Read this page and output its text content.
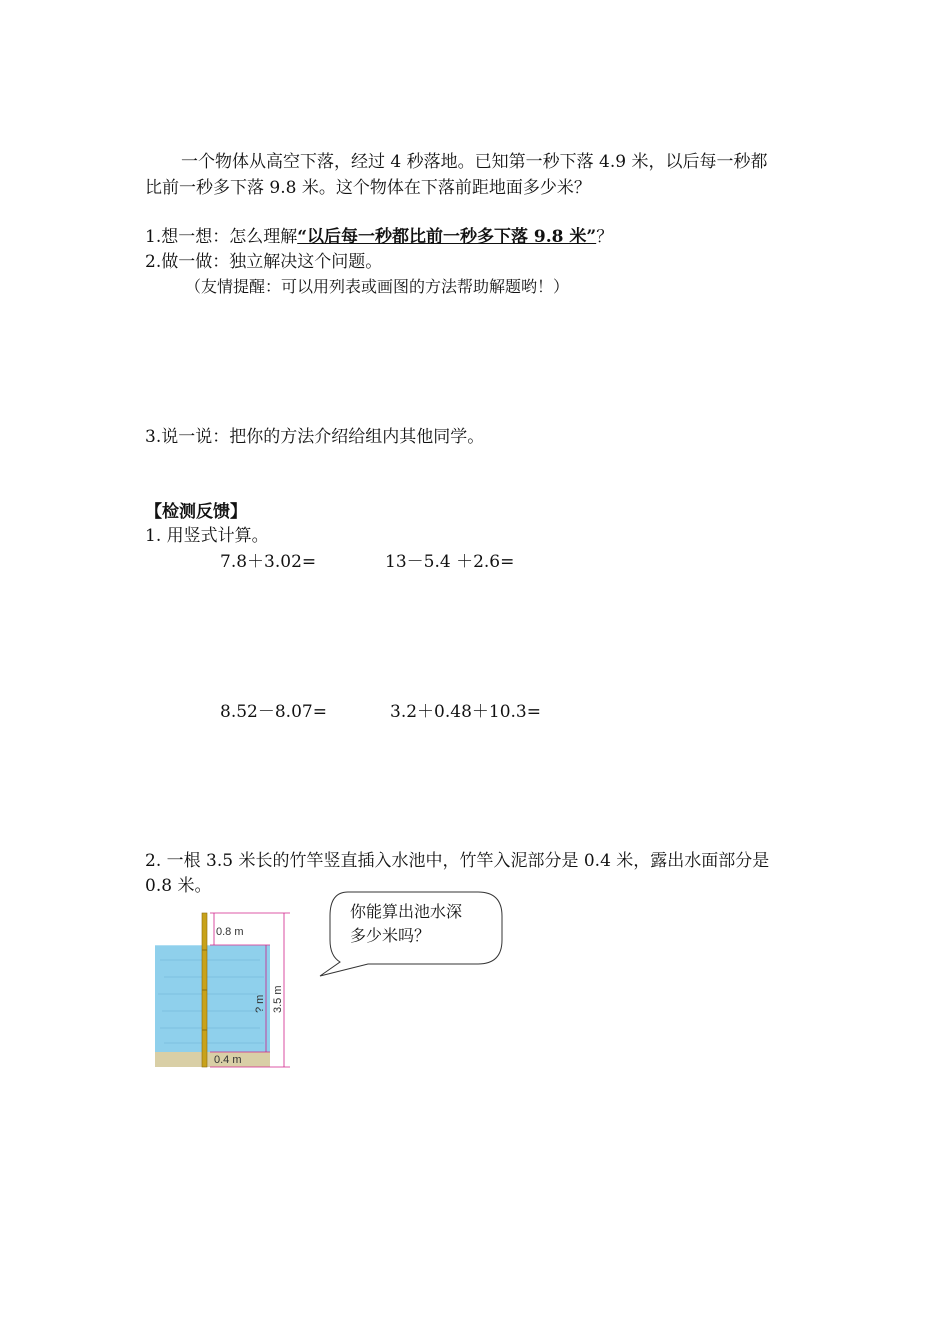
一个物体从高空下落，经过 4 秒落地。已知第一秒下落 4.9 米，以后每一秒都
比前一秒多下落 9.8 米。这个物体在下落前距地面多少米？
1.想一想：怎么理解“以后每一秒都比前一秒多下落 9.8 米”？
2.做一做：独立解决这个问题。
（友情提醒：可以用列表或画图的方法帮助解题哟！）
3.说一说：把你的方法介绍给组内其他同学。
【检测反馈】
1. 用竖式计算。
7.8＋3.02=	13－5.4 ＋2.6=
8.52－8.07=	3.2＋0.48＋10.3=
2. 一根 3.5 米长的竹竿竖直插入水池中，竹竿入泥部分是 0.4 米，露出水面部分是
0.8 米。
0.8 m
0.4 m
? m 3.5 m
你能算出池水深
多少米吗？
